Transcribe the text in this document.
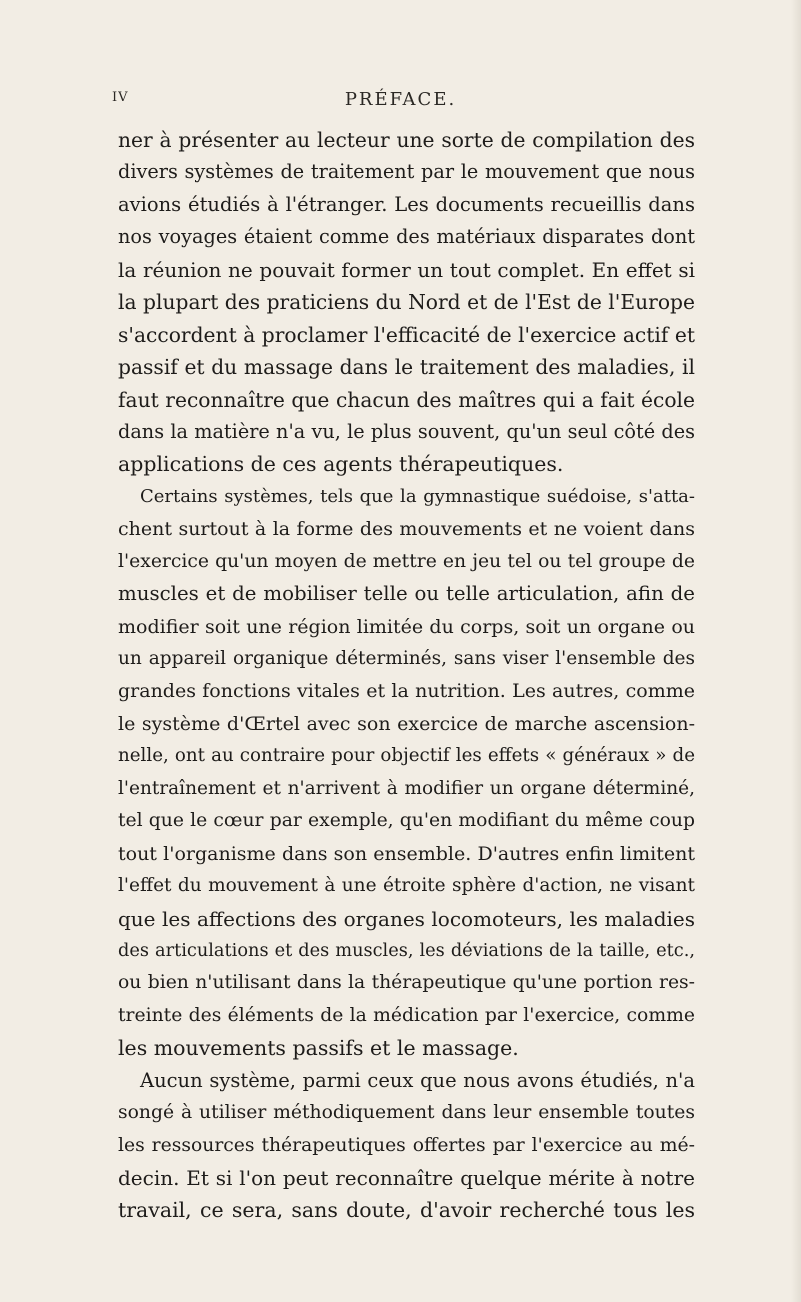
IV	PRÉFACE.
ner à présenter au lecteur une sorte de compilation des
divers systèmes de traitement par le mouvement que nous
avions étudiés à l'étranger. Les documents recueillis dans
nos voyages étaient comme des matériaux disparates dont
la réunion ne pouvait former un tout complet. En effet si
la plupart des praticiens du Nord et de l'Est de l'Europe
s'accordent à proclamer l'efficacité de l'exercice actif et
passif et du massage dans le traitement des maladies, il
faut reconnaître que chacun des maîtres qui a fait école
dans la matière n'a vu, le plus souvent, qu'un seul côté des
applications de ces agents thérapeutiques.
Certains systèmes, tels que la gymnastique suédoise, s'atta-
chent surtout à la forme des mouvements et ne voient dans
l'exercice qu'un moyen de mettre en jeu tel ou tel groupe de
muscles et de mobiliser telle ou telle articulation, afin de
modifier soit une région limitée du corps, soit un organe ou
un appareil organique déterminés, sans viser l'ensemble des
grandes fonctions vitales et la nutrition. Les autres, comme
le système d'Œrtel avec son exercice de marche ascension-
nelle, ont au contraire pour objectif les effets « généraux » de
l'entraînement et n'arrivent à modifier un organe déterminé,
tel que le cœur par exemple, qu'en modifiant du même coup
tout l'organisme dans son ensemble. D'autres enfin limitent
l'effet du mouvement à une étroite sphère d'action, ne visant
que les affections des organes locomoteurs, les maladies
des articulations et des muscles, les déviations de la taille, etc.,
ou bien n'utilisant dans la thérapeutique qu'une portion res-
treinte des éléments de la médication par l'exercice, comme
les mouvements passifs et le massage.
Aucun système, parmi ceux que nous avons étudiés, n'a
songé à utiliser méthodiquement dans leur ensemble toutes
les ressources thérapeutiques offertes par l'exercice au mé-
decin. Et si l'on peut reconnaître quelque mérite à notre
travail, ce sera, sans doute, d'avoir recherché tous les
